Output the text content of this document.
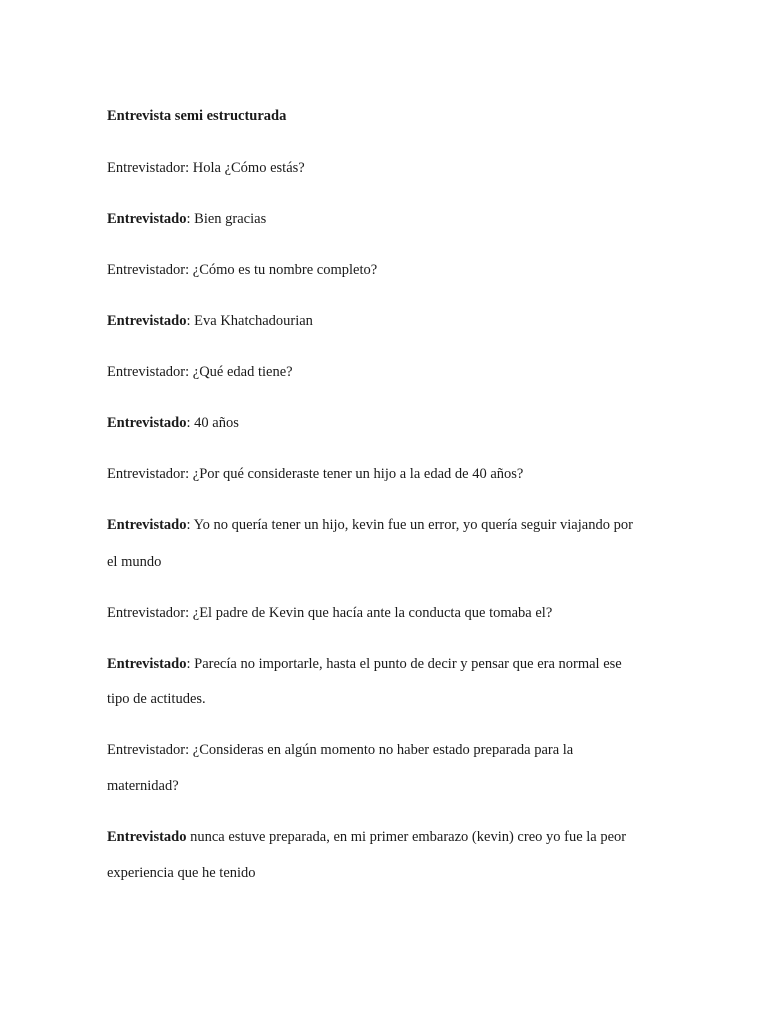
Entrevista semi estructurada
Entrevistador: Hola ¿Cómo estás?
Entrevistado: Bien gracias
Entrevistador: ¿Cómo es tu nombre completo?
Entrevistado: Eva Khatchadourian
Entrevistador: ¿Qué edad tiene?
Entrevistado: 40 años
Entrevistador: ¿Por qué consideraste tener un hijo a la edad de 40 años?
Entrevistado: Yo no quería tener un hijo, kevin fue un error, yo quería seguir viajando por
el mundo
Entrevistador: ¿El padre de Kevin que hacía ante la conducta que tomaba el?
Entrevistado: Parecía no importarle, hasta el punto de decir y pensar que era normal ese
tipo de actitudes.
Entrevistador: ¿Consideras en algún momento no haber estado preparada para la
maternidad?
Entrevistado nunca estuve preparada, en mi primer embarazo (kevin) creo yo fue la peor
experiencia que he tenido
